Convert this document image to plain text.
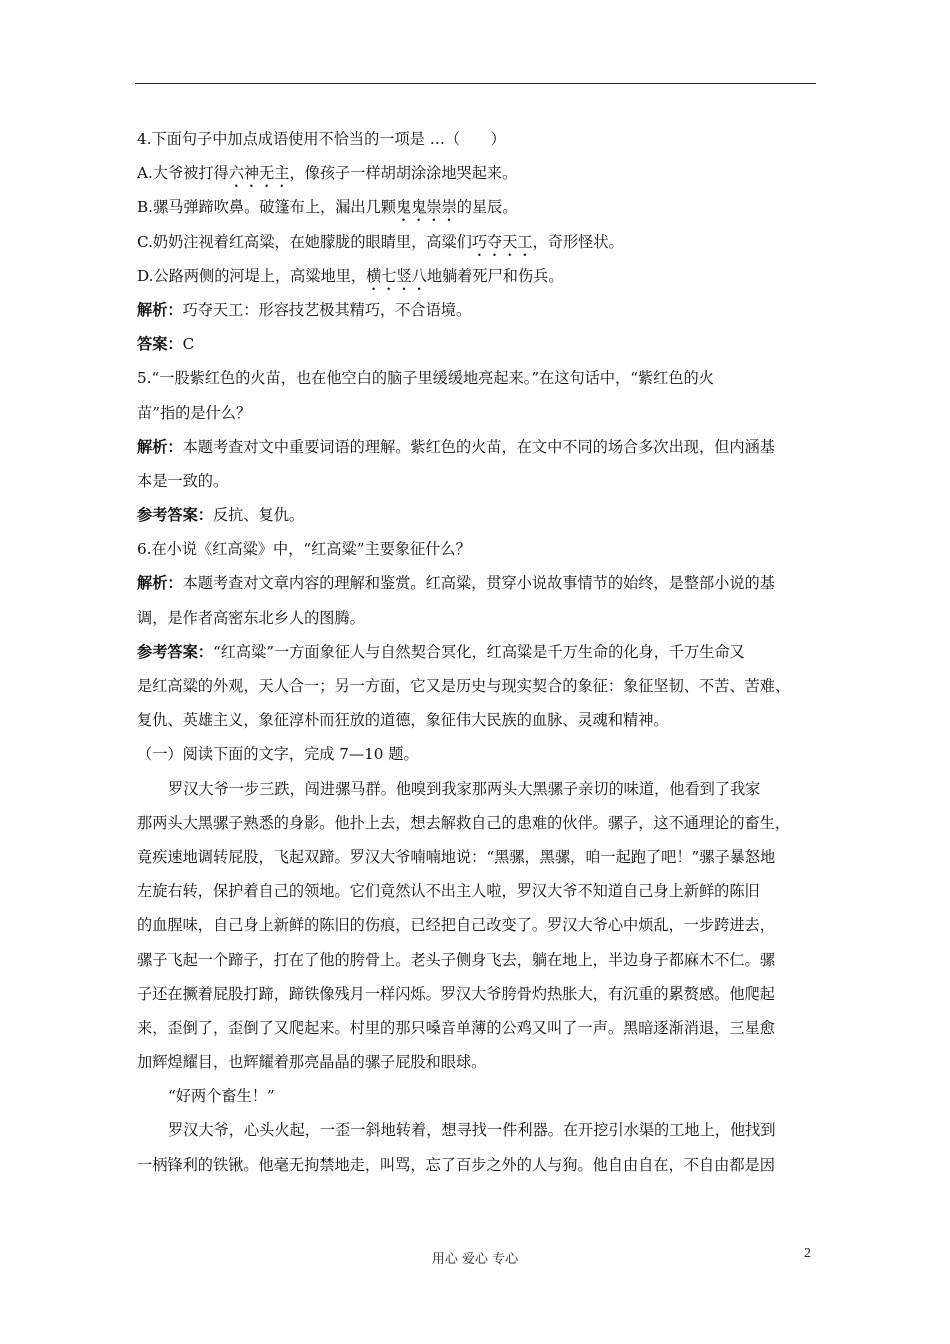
4.下面句子中加点成语使用不恰当的一项是 …（　　）
A.大爷被打得六神无主，像孩子一样胡胡涂涂地哭起来。
B.骡马弹蹄吹鼻。破篷布上，漏出几颗鬼鬼崇崇的星辰。
C.奶奶注视着红高粱，在她朦胧的眼睛里，高粱们巧夺天工，奇形怪状。
D.公路两侧的河堤上，高粱地里，横七竖八地躺着死尸和伤兵。
解析：巧夺天工：形容技艺极其精巧，不合语境。
答案：C
5.“一股紫红色的火苗，也在他空白的脑子里缓缓地亮起来。”在这句话中，“紫红色的火
苗”指的是什么？
解析：本题考查对文中重要词语的理解。紫红色的火苗，在文中不同的场合多次出现，但内涵基
本是一致的。
参考答案：反抗、复仇。
6.在小说《红高粱》中，“红高粱”主要象征什么？
解析：本题考查对文章内容的理解和鉴赏。红高粱，贯穿小说故事情节的始终，是整部小说的基
调，是作者高密东北乡人的图腾。
参考答案：“红高粱”一方面象征人与自然契合冥化，红高粱是千万生命的化身，千万生命又
是红高粱的外观，天人合一；另一方面，它又是历史与现实契合的象征：象征坚韧、不苦、苦难、
复仇、英雄主义，象征淳朴而狂放的道德，象征伟大民族的血脉、灵魂和精神。
（一）阅读下面的文字，完成 7—10 题。
罗汉大爷一步三跌，闯进骡马群。他嗅到我家那两头大黑骡子亲切的味道，他看到了我家
那两头大黑骡子熟悉的身影。他扑上去，想去解救自己的患难的伙伴。骡子，这不通理论的畜生，
竟疾速地调转屁股，飞起双蹄。罗汉大爷喃喃地说：“黑骡，黑骡，咱一起跑了吧！”骡子暴怒地
左旋右转，保护着自己的领地。它们竟然认不出主人啦，罗汉大爷不知道自己身上新鲜的陈旧
的血腥味，自己身上新鲜的陈旧的伤痕，已经把自己改变了。罗汉大爷心中烦乱，一步跨进去，
骡子飞起一个蹄子，打在了他的胯骨上。老头子侧身飞去，躺在地上，半边身子都麻木不仁。骡
子还在撅着屁股打蹄，蹄铁像残月一样闪烁。罗汉大爷胯骨灼热胀大，有沉重的累赘感。他爬起
来，歪倒了，歪倒了又爬起来。村里的那只嗓音单薄的公鸡又叫了一声。黑暗逐渐消退，三星愈
加辉煌耀目，也辉耀着那亮晶晶的骡子屁股和眼球。
“好两个畜生！”
罗汉大爷，心头火起，一歪一斜地转着，想寻找一件利器。在开挖引水渠的工地上，他找到
一柄锋利的铁锹。他毫无拘禁地走，叫骂，忘了百步之外的人与狗。他自由自在，不自由都是因
用心 爱心 专心	2
